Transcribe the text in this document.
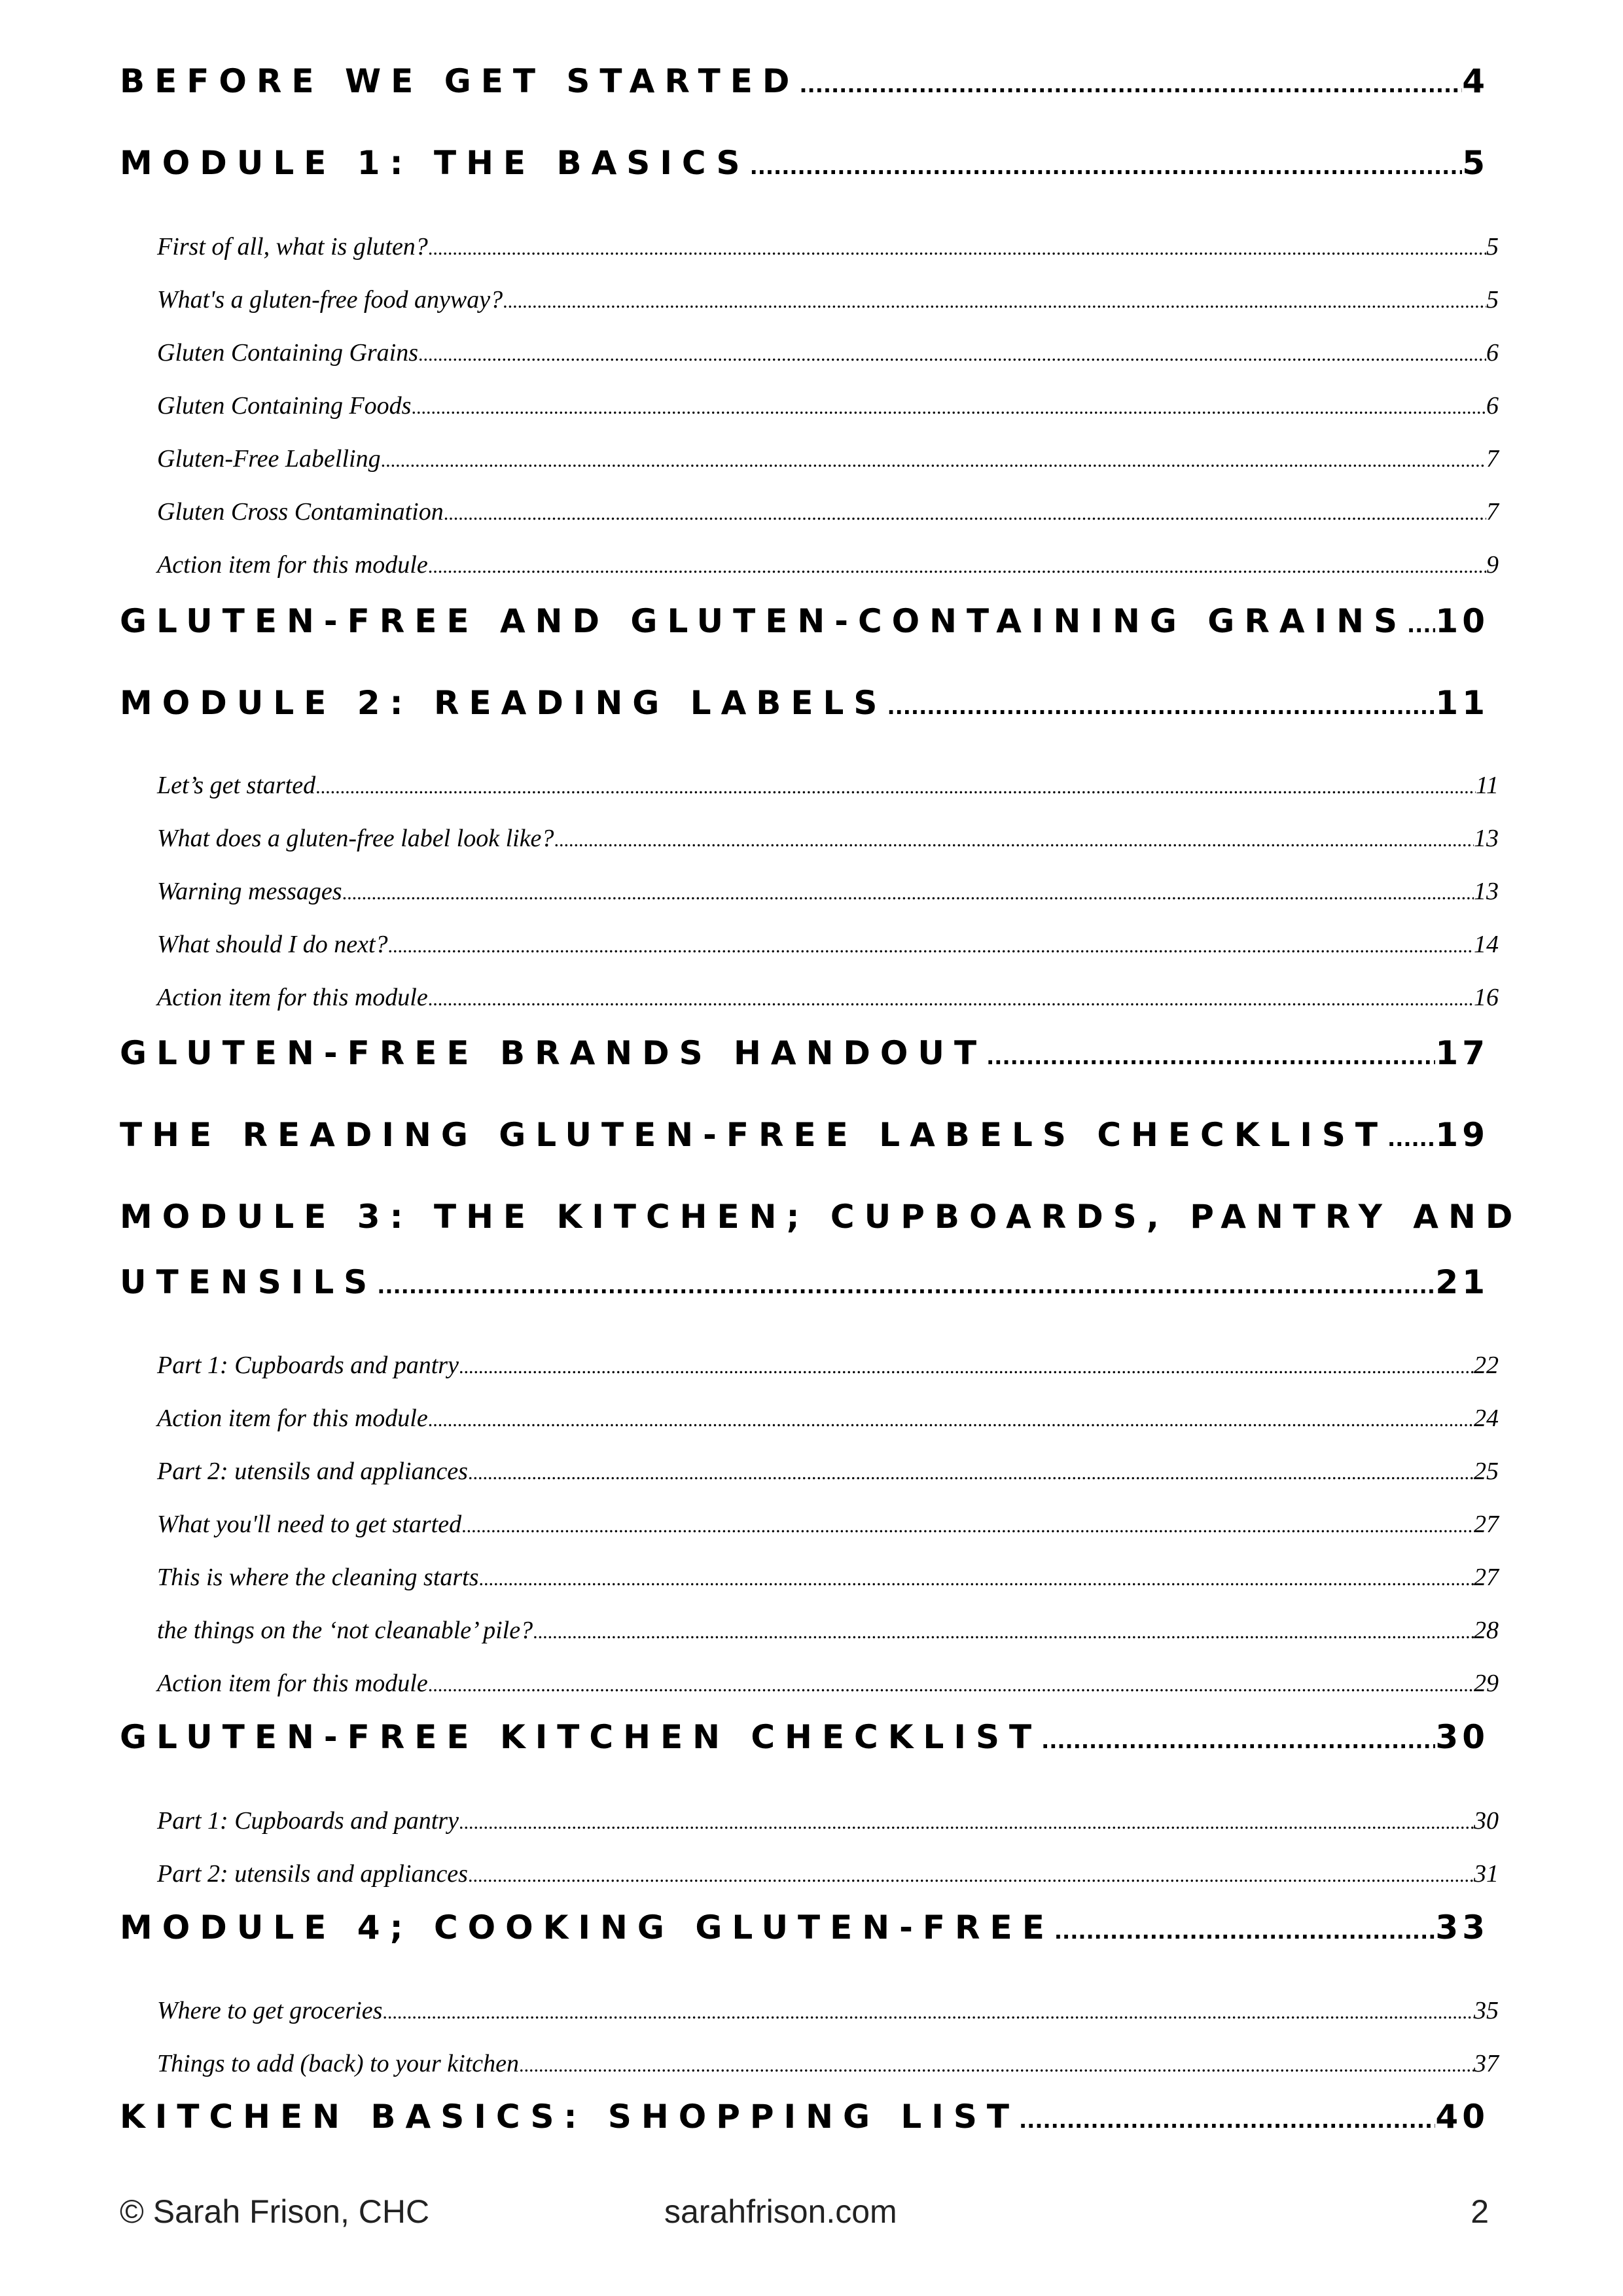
BEFORE WE GET STARTED .....	4
MODULE 1: THE BASICS .....	5
First of all, what is gluten? .....	5
What's a gluten-free food anyway? .....	5
Gluten Containing Grains .....	6
Gluten Containing Foods .....	6
Gluten-Free Labelling .....	7
Gluten Cross Contamination .....	7
Action item for this module .....	9
GLUTEN-FREE AND GLUTEN-CONTAINING GRAINS ..... 10
MODULE 2: READING LABELS .....	11
Let’s get started .....	11
What does a gluten-free label look like? .....	13
Warning messages .....	13
What should I do next? .....	14
Action item for this module .....	16
GLUTEN-FREE BRANDS HANDOUT .....	17
THE READING GLUTEN-FREE LABELS CHECKLIST ..... 19
MODULE 3: THE KITCHEN; CUPBOARDS, PANTRY AND
UTENSILS .....	21
Part 1: Cupboards and pantry .....	22
Action item for this module .....	24
Part 2: utensils and appliances .....	25
What you'll need to get started .....	27
This is where the cleaning starts .....	27
the things on the ‘not cleanable’ pile? .....	28
Action item for this module .....	29
GLUTEN-FREE KITCHEN CHECKLIST .....	30
Part 1: Cupboards and pantry .....	30
Part 2: utensils and appliances .....	31
MODULE 4; COOKING GLUTEN-FREE .....	33
Where to get groceries .....	35
Things to add (back) to your kitchen .....	37
KITCHEN BASICS: SHOPPING LIST .....	40
© Sarah Frison, CHC	sarahfrison.com	2
